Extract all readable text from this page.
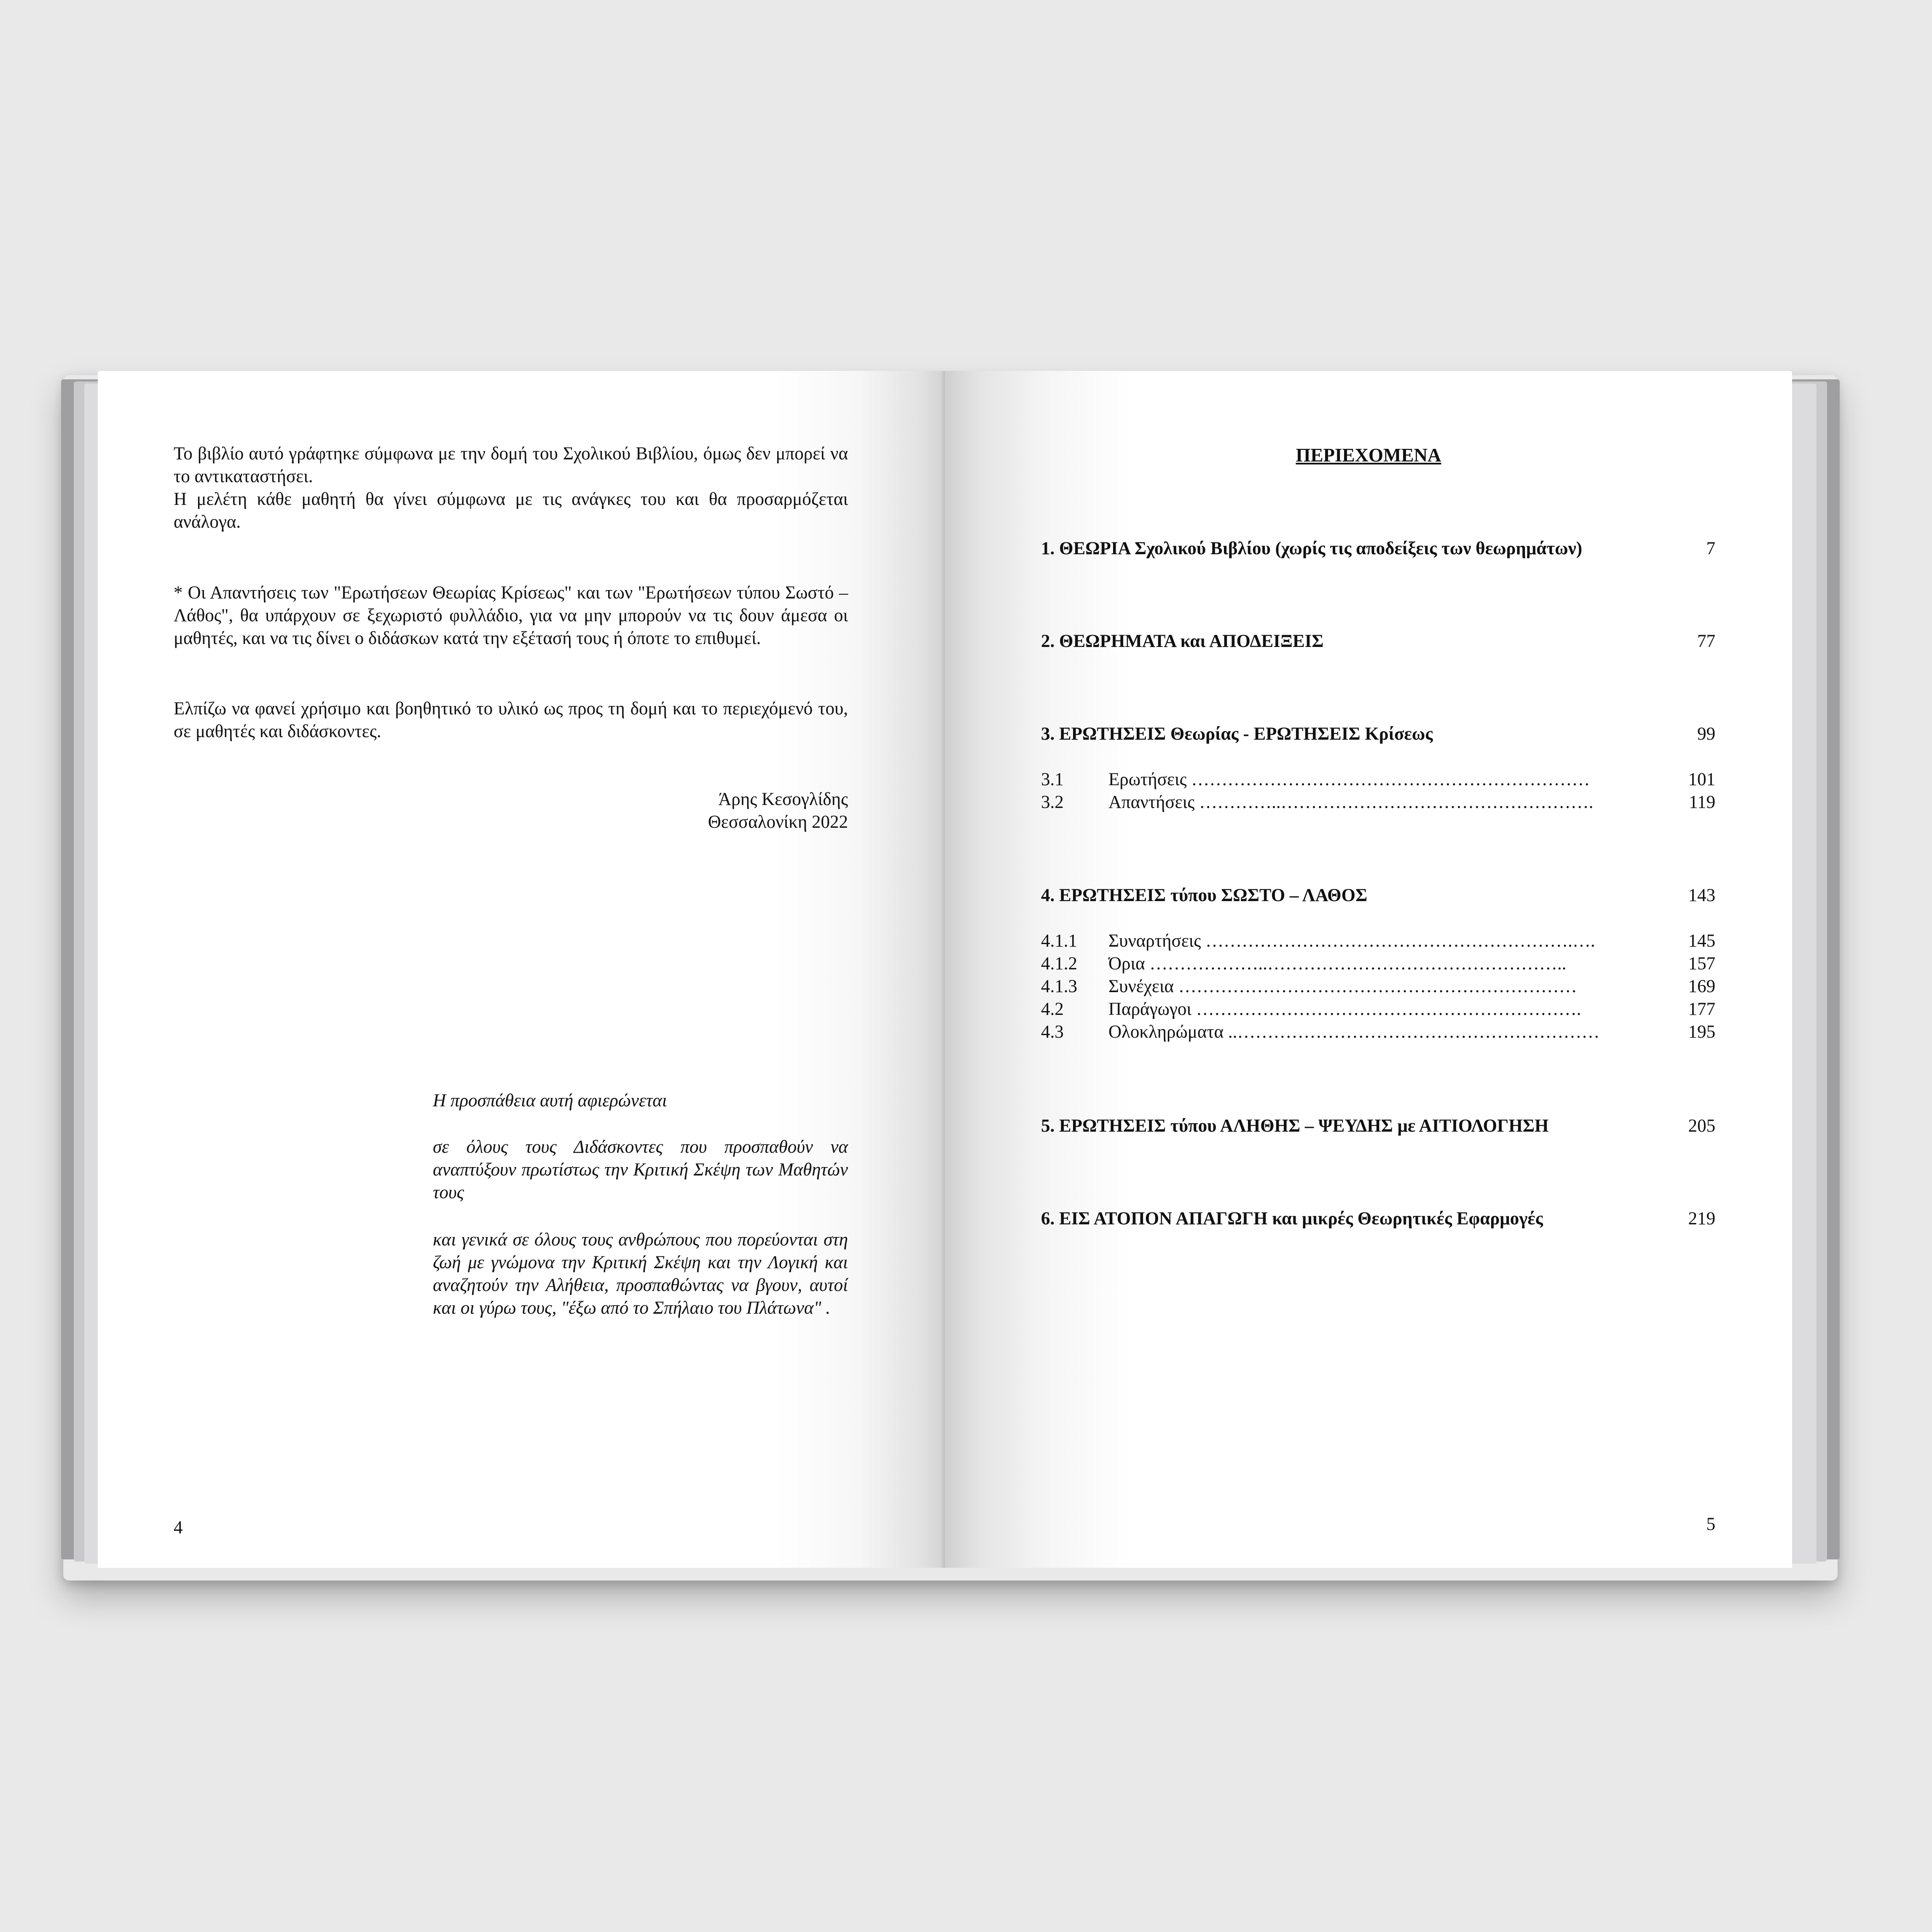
Το βιβλίο αυτό γράφτηκε σύμφωνα με την δομή του Σχολικού Βιβλίου, όμως δεν μπορεί να το αντικαταστήσει.

Η μελέτη κάθε μαθητή θα γίνει σύμφωνα με τις ανάγκες του και θα προσαρμόζεται ανάλογα.

* Οι Απαντήσεις των "Ερωτήσεων Θεωρίας Κρίσεως" και των "Ερωτήσεων τύπου Σωστό – Λάθος", θα υπάρχουν σε ξεχωριστό φυλλάδιο, για να μην μπορούν να τις δουν άμεσα οι μαθητές, και να τις δίνει ο διδάσκων κατά την εξέτασή τους ή όποτε το επιθυμεί.

Ελπίζω να φανεί χρήσιμο και βοηθητικό το υλικό ως προς τη δομή και το περιεχόμενό του, σε μαθητές και διδάσκοντες.

Άρης Κεσογλίδης
Θεσσαλονίκη 2022

Η προσπάθεια αυτή αφιερώνεται

σε όλους τους Διδάσκοντες που προσπαθούν να αναπτύξουν πρωτίστως την Κριτική Σκέψη των Μαθητών τους

και γενικά σε όλους τους ανθρώπους που πορεύονται στη ζωή με γνώμονα την Κριτική Σκέψη και την Λογική και αναζητούν την Αλήθεια, προσπαθώντας να βγουν, αυτοί και οι γύρω τους, "έξω από το Σπήλαιο του Πλάτωνα" .

4
ΠΕΡΙΕΧΟΜΕΝΑ
1. ΘΕΩΡΙΑ Σχολικού Βιβλίου (χωρίς τις αποδείξεις των θεωρημάτων)	7
2. ΘΕΩΡΗΜΑΤΑ και ΑΠΟΔΕΙΞΕΙΣ	77
3. ΕΡΩΤΗΣΕΙΣ Θεωρίας - ΕΡΩΤΗΣΕΙΣ Κρίσεως	99
3.1	Ερωτήσεις …………………………………………………………	101
3.2	Απαντήσεις …………..…………………………………………….	119
4. ΕΡΩΤΗΣΕΙΣ τύπου ΣΩΣΤΟ – ΛΑΘΟΣ	143
4.1.1	Συναρτήσεις …………………………………………………….….	145
4.1.2	Όρια ………………..…………………………………………..	157
4.1.3	Συνέχεια …………………………………………………………	169
4.2	Παράγωγοι ……………………………………………………….	177
4.3	Ολοκληρώματα ..……………………………………………………	195
5. ΕΡΩΤΗΣΕΙΣ τύπου ΑΛΗΘΗΣ – ΨΕΥΔΗΣ με ΑΙΤΙΟΛΟΓΗΣΗ	205
6. ΕΙΣ ΑΤΟΠΟΝ ΑΠΑΓΩΓΗ και μικρές Θεωρητικές Εφαρμογές	219
5
